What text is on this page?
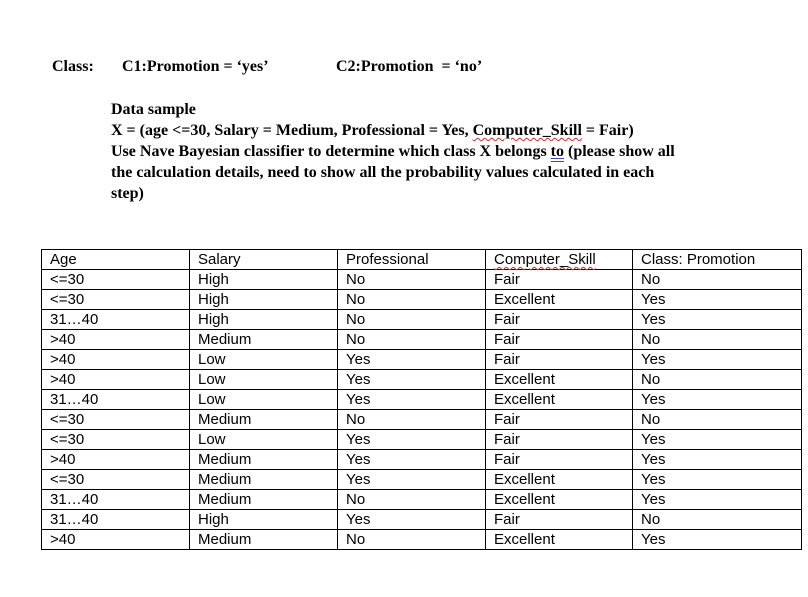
Class: C1:Promotion = ‘yes’	C2:Promotion  = ‘no’
Data sample
X = (age <=30, Salary = Medium, Professional = Yes, Computer_Skill = Fair)
Use Nave Bayesian classifier to determine which class X belongs to (please show all
the calculation details, need to show all the probability values calculated in each
step)
Age	Salary	Professional	Computer_Skill	Class: Promotion
<=30	High	No	Fair	No
<=30	High	No	Excellent	Yes
31…40	High	No	Fair	Yes
>40	Medium	No	Fair	No
>40	Low	Yes	Fair	Yes
>40	Low	Yes	Excellent	No
31…40	Low	Yes	Excellent	Yes
<=30	Medium	No	Fair	No
<=30	Low	Yes	Fair	Yes
>40	Medium	Yes	Fair	Yes
<=30	Medium	Yes	Excellent	Yes
31…40	Medium	No	Excellent	Yes
31…40	High	Yes	Fair	No
>40	Medium	No	Excellent	Yes
